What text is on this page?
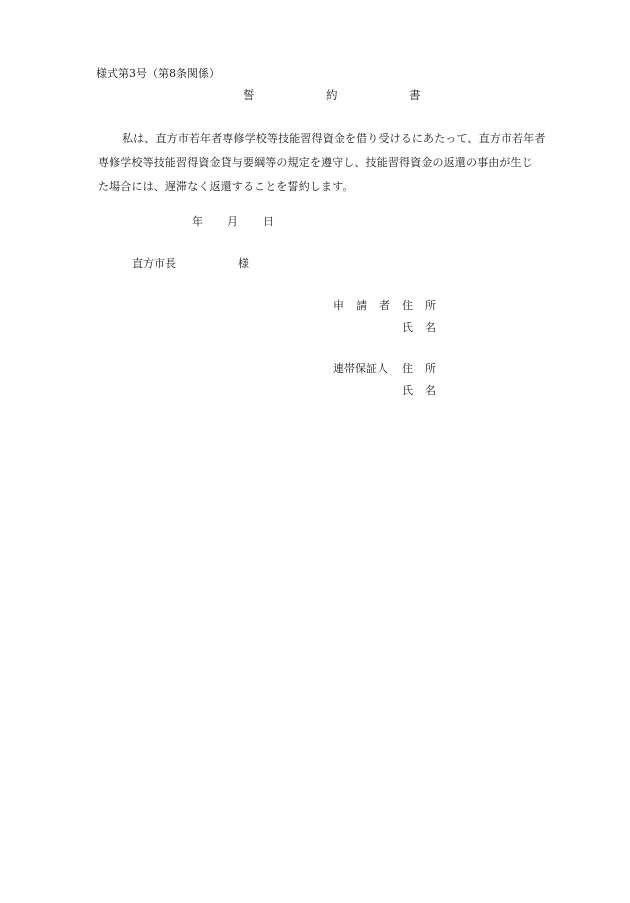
様式第3号（第8条関係）
誓	約	書
私は、直方市若年者専修学校等技能習得資金を借り受けるにあたって、直方市若年者
専修学校等技能習得資金貸与要綱等の規定を遵守し、技能習得資金の返還の事由が生じ
た場合には、遅滞なく返還することを誓約します。
年 月 日
直方市長	様
申 請 者 住 所
氏 名
連帯保証人 住 所
氏 名
